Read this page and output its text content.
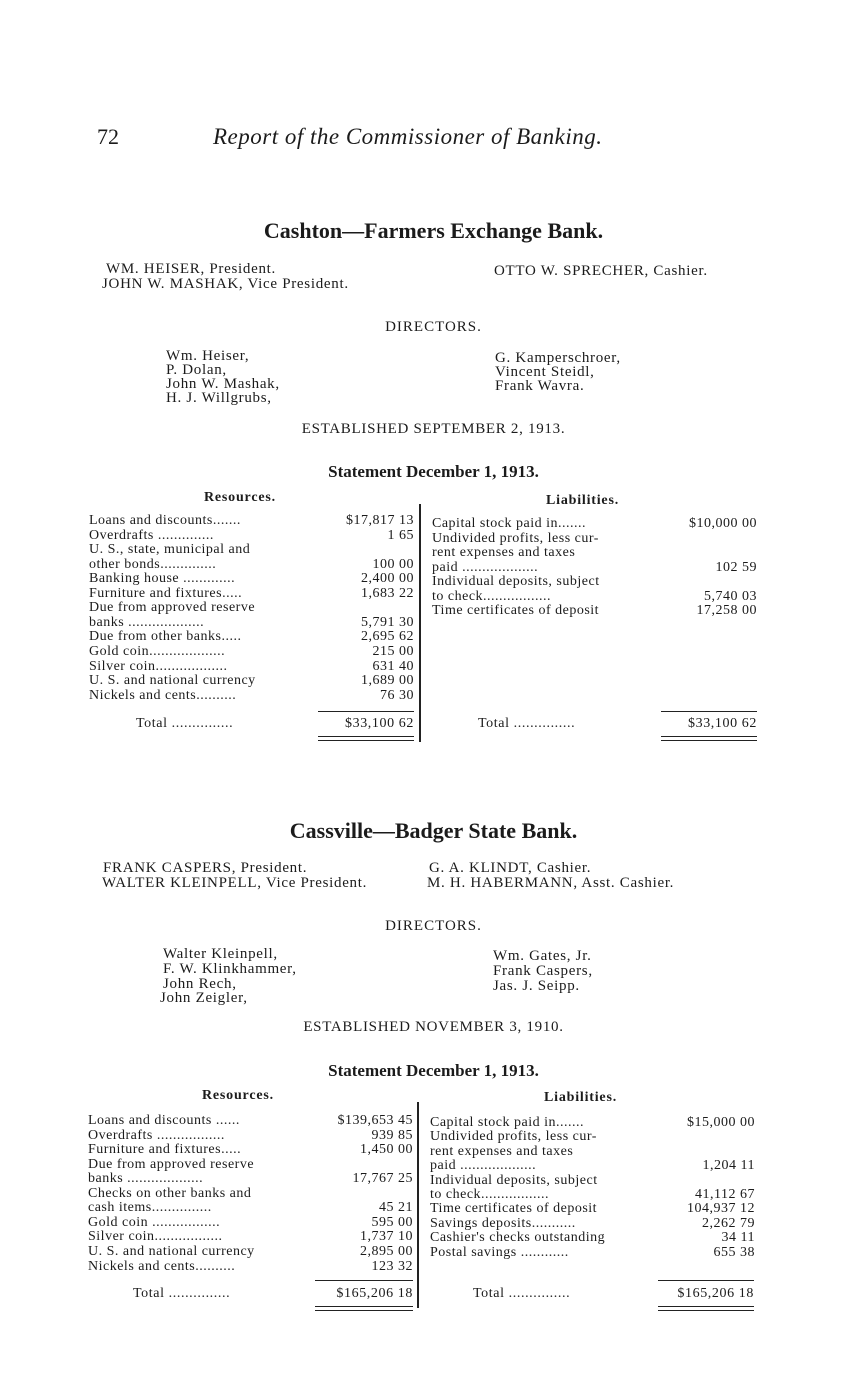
72	Report of the Commissioner of Banking.
Cashton—Farmers Exchange Bank.
WM. HEISER, President.
JOHN W. MASHAK, Vice President.
OTTO W. SPRECHER, Cashier.
DIRECTORS.
Wm. Heiser,
P. Dolan,
John W. Mashak,
H. J. Willgrubs,
G. Kamperschroer,
Vincent Steidl,
Frank Wavra.
ESTABLISHED SEPTEMBER 2, 1913.
Statement December 1, 1913.
Resources.	Liabilities.
Loans and discounts.......	$17,817 13
Overdrafts ..............	1 65
U. S., state, municipal and
other bonds..............	100 00
Banking house .............	2,400 00
Furniture and fixtures.....	1,683 22
Due from approved reserve
banks ...................	5,791 30
Due from other banks.....	2,695 62
Gold coin...................	215 00
Silver coin..................	631 40
U. S. and national currency	1,689 00
Nickels and cents..........	76 30
Capital stock paid in.......	$10,000 00
Undivided profits, less cur-
rent expenses and taxes
paid ...................	102 59
Individual deposits, subject
to check.................	5,740 03
Time certificates of deposit	17,258 00
Total ...............	$33,100 62	Total ...............	$33,100 62
Cassville—Badger State Bank.
FRANK CASPERS, President.
WALTER KLEINPELL, Vice President.
G. A. KLINDT, Cashier.
M. H. HABERMANN, Asst. Cashier.
DIRECTORS.
Walter Kleinpell,
F. W. Klinkhammer,
John Rech,
John Zeigler,
Wm. Gates, Jr.
Frank Caspers,
Jas. J. Seipp.
ESTABLISHED NOVEMBER 3, 1910.
Statement December 1, 1913.
Resources.	Liabilities.
Loans and discounts ......	$139,653 45
Overdrafts .................	939 85
Furniture and fixtures.....	1,450 00
Due from approved reserve
banks ...................	17,767 25
Checks on other banks and
cash items...............	45 21
Gold coin .................	595 00
Silver coin.................	1,737 10
U. S. and national currency	2,895 00
Nickels and cents..........	123 32
Capital stock paid in.......	$15,000 00
Undivided profits, less cur-
rent expenses and taxes
paid ...................	1,204 11
Individual deposits, subject
to check.................	41,112 67
Time certificates of deposit	104,937 12
Savings deposits...........	2,262 79
Cashier's checks outstanding	34 11
Postal savings ............	655 38
Total ...............	$165,206 18	Total ...............	$165,206 18
